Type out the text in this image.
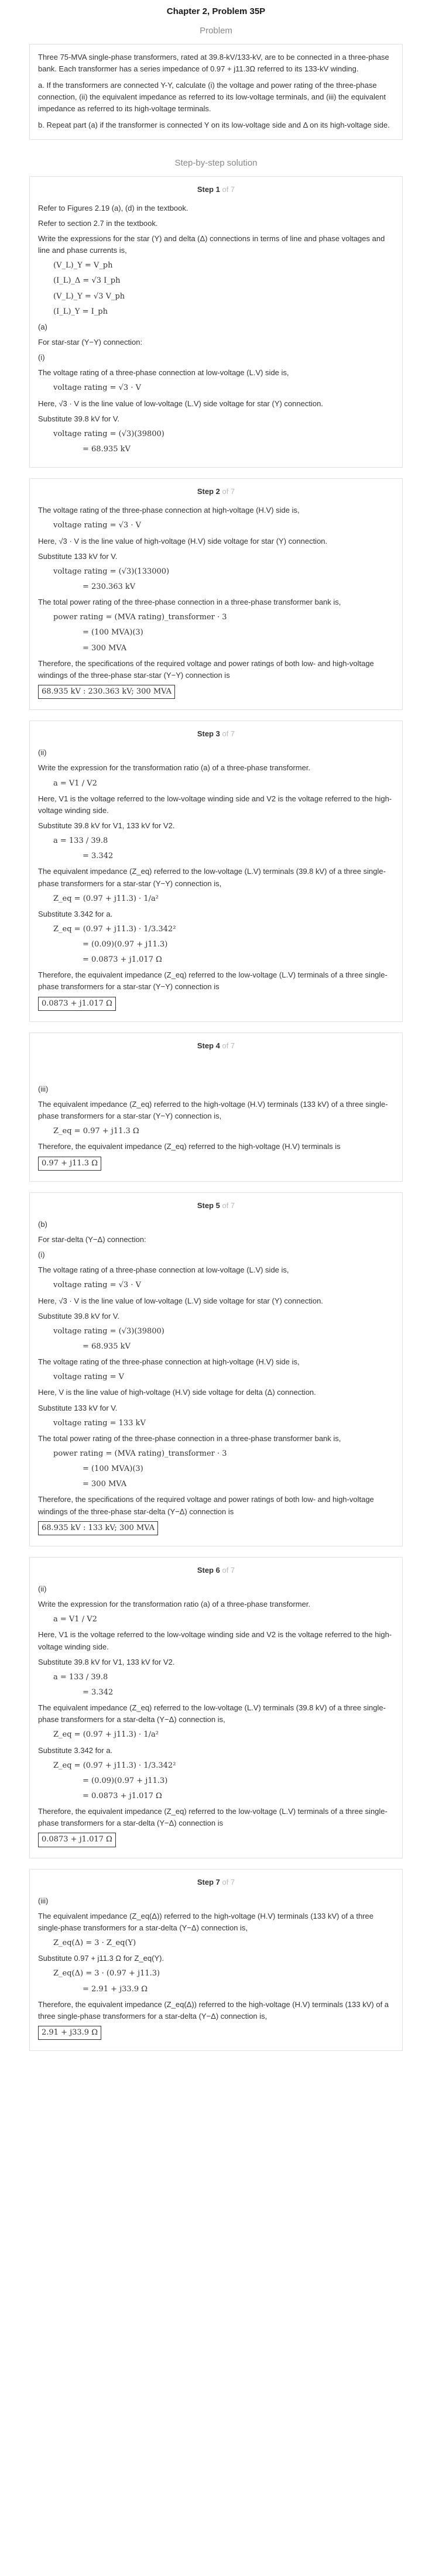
Chapter 2, Problem 35P
Problem

Three 75-MVA single-phase transformers, rated at 39.8-kV/133-kV, are to be connected in a three-phase bank. Each transformer has a series impedance of 0.97 + j11.3Ω referred to its 133-kV winding.

a. If the transformers are connected Y-Y, calculate (i) the voltage and power rating of the three-phase connection, (ii) the equivalent impedance as referred to its low-voltage terminals, and (iii) the equivalent impedance as referred to its high-voltage terminals.

b. Repeat part (a) if the transformer is connected Y on its low-voltage side and Δ on its high-voltage side.

Step-by-step solution
Step 1 of 7
Refer to Figures 2.19 (a), (d) in the textbook.
Refer to section 2.7 in the textbook.
Write the expressions for the star (Y) and delta (Δ) connections in terms of line and phase voltages and line and phase currents is,
(V_L)_Y = V_ph
(I_L)_Δ = √3 I_ph
(V_L)_Y = √3 V_ph
(I_L)_Y = I_ph
(a)
For star-star (Y−Y) connection:
(i)
The voltage rating of a three-phase connection at low-voltage (L.V) side is,
voltage rating = √3 · V
Here, √3 · V is the line value of low-voltage (L.V) side voltage for star (Y) connection.
Substitute 39.8 kV for V.
voltage rating = (√3)(39800)
= 68.935 kV
Step 2 of 7
The voltage rating of the three-phase connection at high-voltage (H.V) side is,
voltage rating = √3 · V
Here, √3 · V is the line value of high-voltage (H.V) side voltage for star (Y) connection.
Substitute 133 kV for V.
voltage rating = (√3)(133000)
= 230.363 kV
The total power rating of the three-phase connection in a three-phase transformer bank is,
power rating = (MVA rating)_transformer · 3
= (100 MVA)(3)
= 300 MVA
Therefore, the specifications of the required voltage and power ratings of both low- and high-voltage windings of the three-phase star-star (Y−Y) connection is
68.935 kV : 230.363 kV; 300 MVA
Step 3 of 7
(ii)
Write the expression for the transformation ratio (a) of a three-phase transformer.
a = V1 / V2
Here, V1 is the voltage referred to the low-voltage winding side and V2 is the voltage referred to the high-voltage winding side.
Substitute 39.8 kV for V1, 133 kV for V2.
a = 133 / 39.8
= 3.342
The equivalent impedance (Z_eq) referred to the low-voltage (L.V) terminals (39.8 kV) of a three single-phase transformers for a star-star (Y−Y) connection is,
Z_eq = (0.97 + j11.3) · 1/a²
Substitute 3.342 for a.
Z_eq = (0.97 + j11.3) · 1/3.342²
= (0.09)(0.97 + j11.3)
= 0.0873 + j1.017 Ω
Therefore, the equivalent impedance (Z_eq) referred to the low-voltage (L.V) terminals of a three single-phase transformers for a star-star (Y−Y) connection is
0.0873 + j1.017 Ω
Step 4 of 7
(iii)
The equivalent impedance (Z_eq) referred to the high-voltage (H.V) terminals (133 kV) of a three single-phase transformers for a star-star (Y−Y) connection is,
Z_eq = 0.97 + j11.3 Ω
Therefore, the equivalent impedance (Z_eq) referred to the high-voltage (H.V) terminals is
0.97 + j11.3 Ω
Step 5 of 7
(b)
For star-delta (Y−Δ) connection:
(i)
The voltage rating of a three-phase connection at low-voltage (L.V) side is,
voltage rating = √3 · V
Here, √3 · V is the line value of low-voltage (L.V) side voltage for star (Y) connection.
Substitute 39.8 kV for V.
voltage rating = (√3)(39800)
= 68.935 kV
The voltage rating of the three-phase connection at high-voltage (H.V) side is,
voltage rating = V
Here, V is the line value of high-voltage (H.V) side voltage for delta (Δ) connection.
Substitute 133 kV for V.
voltage rating = 133 kV
The total power rating of the three-phase connection in a three-phase transformer bank is,
power rating = (MVA rating)_transformer · 3
= (100 MVA)(3)
= 300 MVA
Therefore, the specifications of the required voltage and power ratings of both low- and high-voltage windings of the three-phase star-delta (Y−Δ) connection is
68.935 kV : 133 kV; 300 MVA
Step 6 of 7
(ii)
Write the expression for the transformation ratio (a) of a three-phase transformer.
a = V1 / V2
Here, V1 is the voltage referred to the low-voltage winding side and V2 is the voltage referred to the high-voltage winding side.
Substitute 39.8 kV for V1, 133 kV for V2.
a = 133 / 39.8
= 3.342
The equivalent impedance (Z_eq) referred to the low-voltage (L.V) terminals (39.8 kV) of a three single-phase transformers for a star-delta (Y−Δ) connection is,
Z_eq = (0.97 + j11.3) · 1/a²
Substitute 3.342 for a.
Z_eq = (0.97 + j11.3) · 1/3.342²
= (0.09)(0.97 + j11.3)
= 0.0873 + j1.017 Ω
Therefore, the equivalent impedance (Z_eq) referred to the low-voltage (L.V) terminals of a three single-phase transformers for a star-delta (Y−Δ) connection is
0.0873 + j1.017 Ω
Step 7 of 7
(iii)
The equivalent impedance (Z_eq(Δ)) referred to the high-voltage (H.V) terminals (133 kV) of a three single-phase transformers for a star-delta (Y−Δ) connection is,
Z_eq(Δ) = 3 · Z_eq(Y)
Substitute 0.97 + j11.3 Ω for Z_eq(Y).
Z_eq(Δ) = 3 · (0.97 + j11.3)
= 2.91 + j33.9 Ω
Therefore, the equivalent impedance (Z_eq(Δ)) referred to the high-voltage (H.V) terminals (133 kV) of a three single-phase transformers for a star-delta (Y−Δ) connection is,
2.91 + j33.9 Ω
